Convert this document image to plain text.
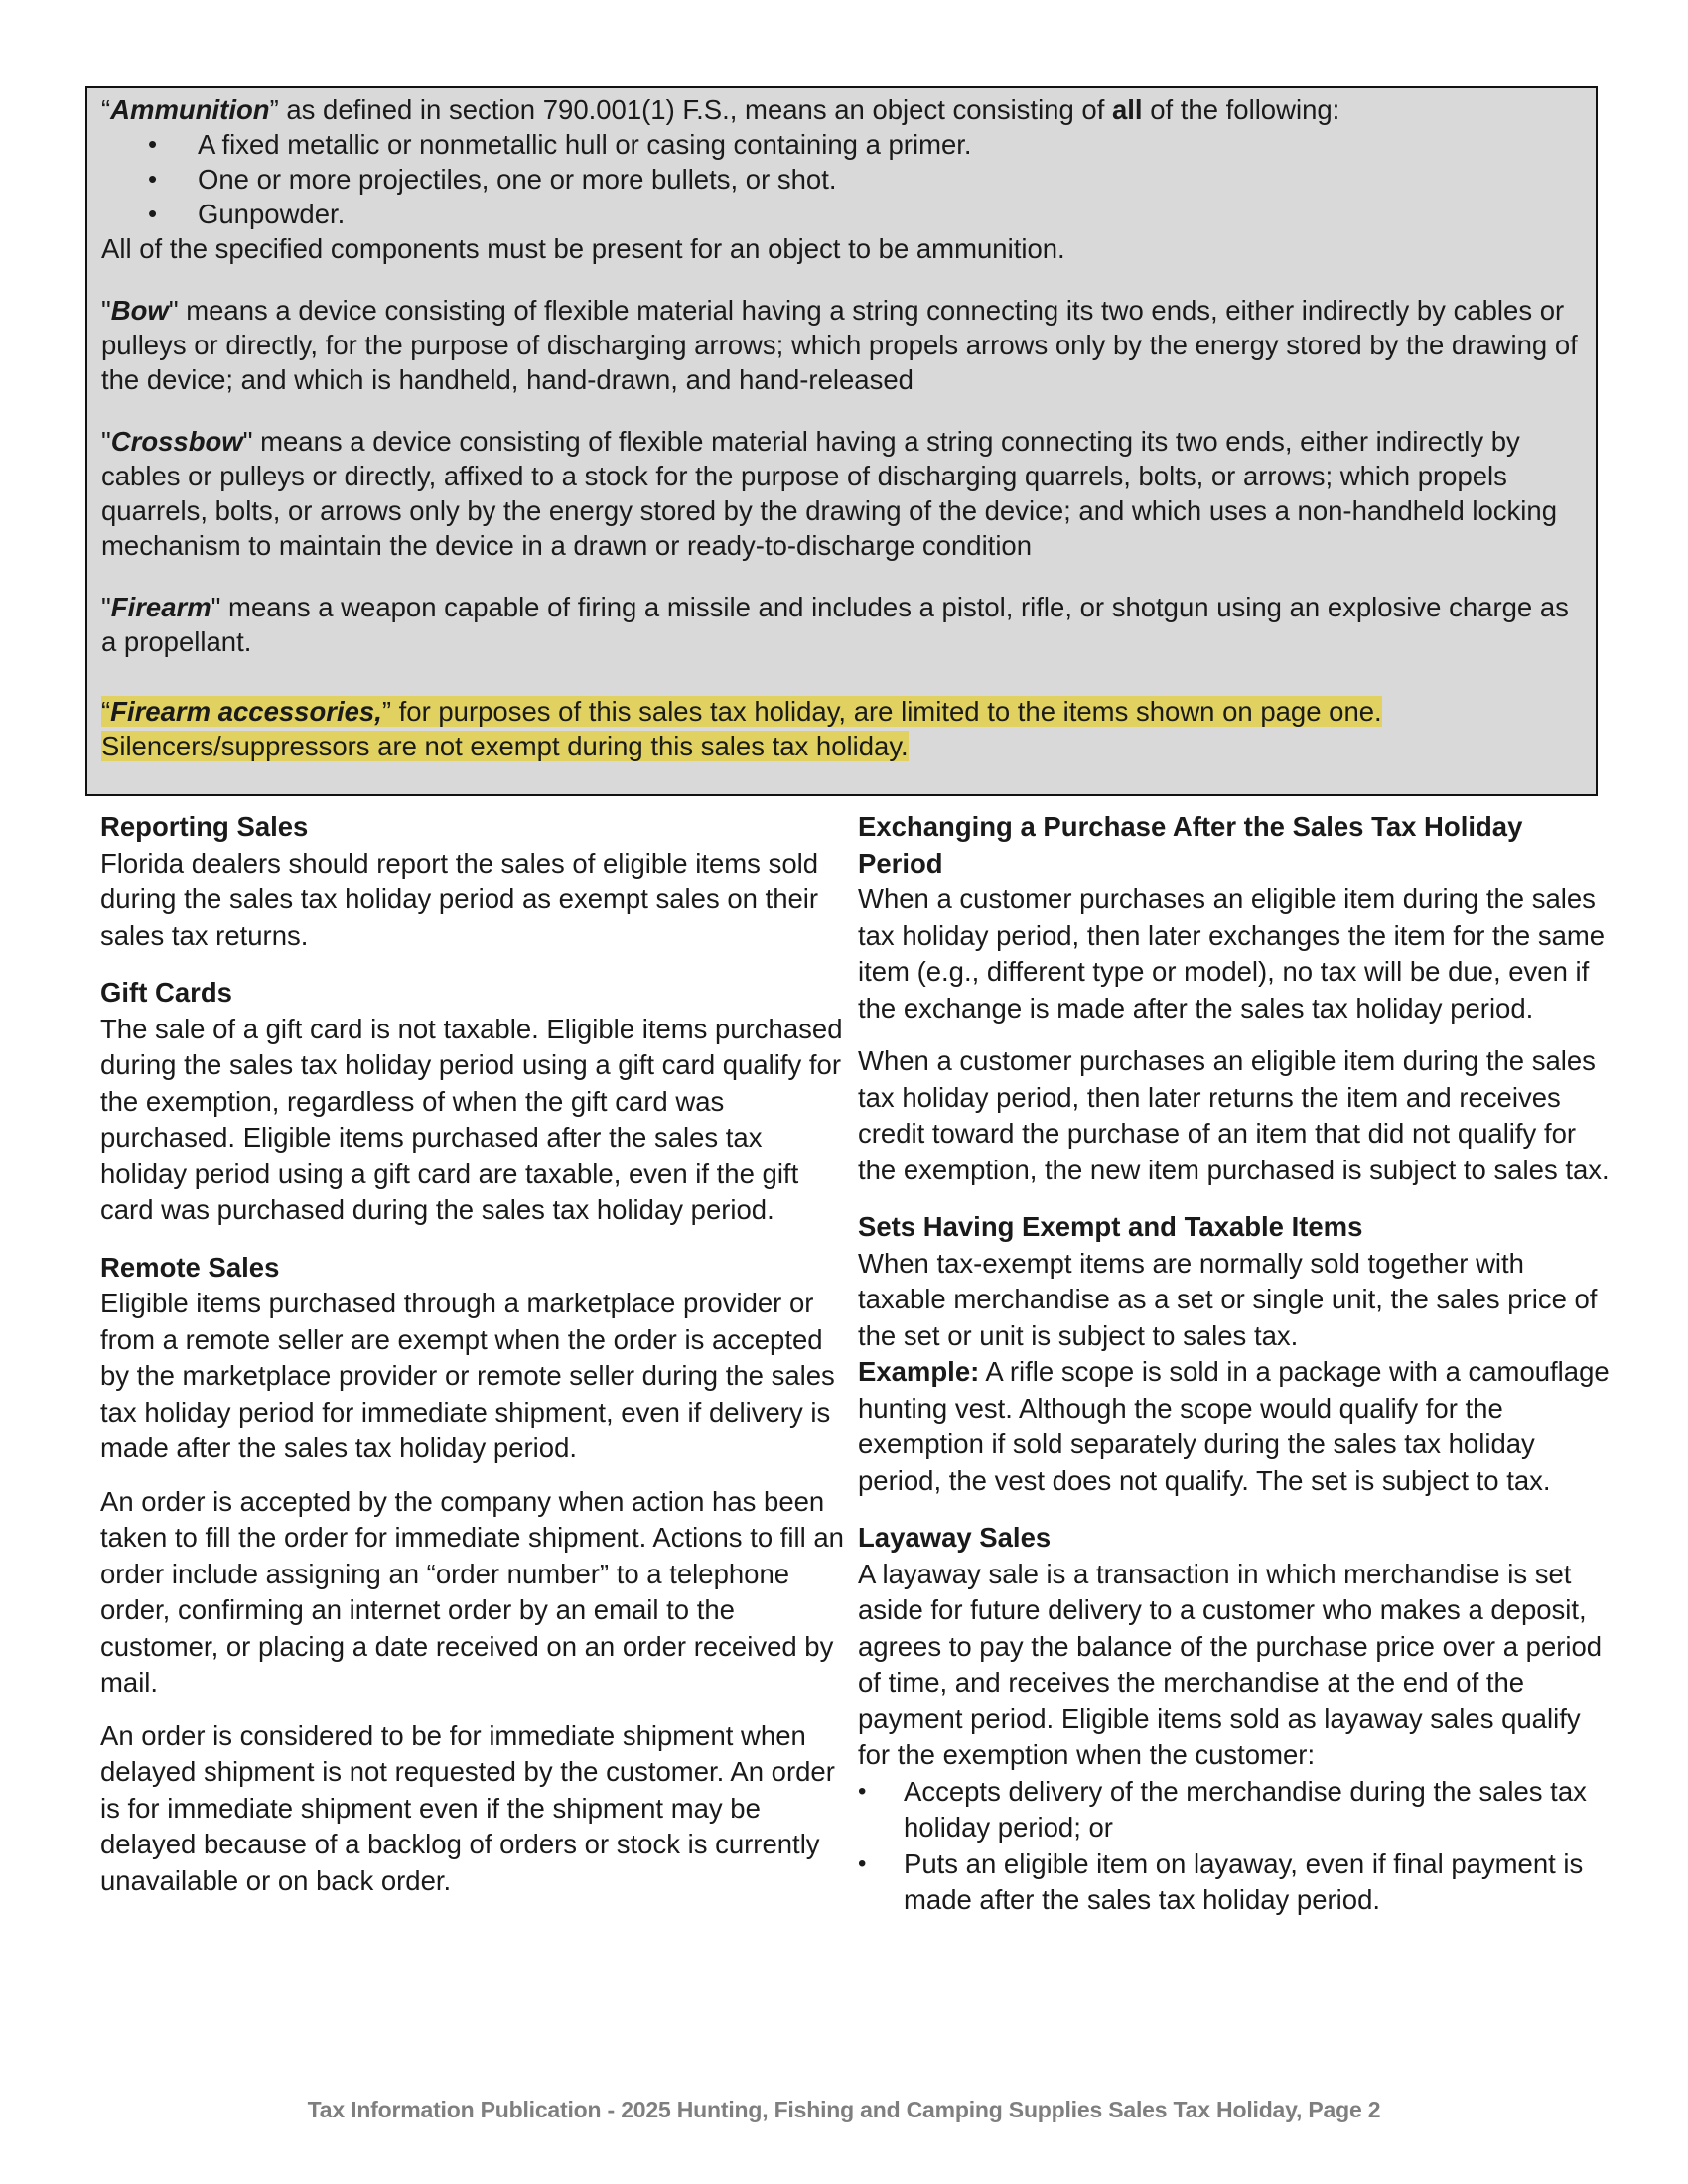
“Ammunition” as defined in section 790.001(1) F.S., means an object consisting of all of the following:

• A fixed metallic or nonmetallic hull or casing containing a primer.
• One or more projectiles, one or more bullets, or shot.
• Gunpowder.

All of the specified components must be present for an object to be ammunition.

"Bow" means a device consisting of flexible material having a string connecting its two ends, either indirectly by cables or pulleys or directly, for the purpose of discharging arrows; which propels arrows only by the energy stored by the drawing of the device; and which is handheld, hand-drawn, and hand-released

"Crossbow" means a device consisting of flexible material having a string connecting its two ends, either indirectly by cables or pulleys or directly, affixed to a stock for the purpose of discharging quarrels, bolts, or arrows; which propels quarrels, bolts, or arrows only by the energy stored by the drawing of the device; and which uses a non-handheld locking mechanism to maintain the device in a drawn or ready-to-discharge condition

"Firearm" means a weapon capable of firing a missile and includes a pistol, rifle, or shotgun using an explosive charge as a propellant.

“Firearm accessories,” for purposes of this sales tax holiday, are limited to the items shown on page one.
Silencers/suppressors are not exempt during this sales tax holiday.

Reporting Sales

Florida dealers should report the sales of eligible items sold during the sales tax holiday period as exempt sales on their sales tax returns.

Gift Cards

The sale of a gift card is not taxable. Eligible items purchased during the sales tax holiday period using a gift card qualify for the exemption, regardless of when the gift card was purchased. Eligible items purchased after the sales tax holiday period using a gift card are taxable, even if the gift card was purchased during the sales tax holiday period.

Remote Sales

Eligible items purchased through a marketplace provider or from a remote seller are exempt when the order is accepted by the marketplace provider or remote seller during the sales tax holiday period for immediate shipment, even if delivery is made after the sales tax holiday period.

An order is accepted by the company when action has been taken to fill the order for immediate shipment. Actions to fill an order include assigning an “order number” to a telephone order, confirming an internet order by an email to the customer, or placing a date received on an order received by mail.

An order is considered to be for immediate shipment when delayed shipment is not requested by the customer. An order is for immediate shipment even if the shipment may be delayed because of a backlog of orders or stock is currently unavailable or on back order.

Exchanging a Purchase After the Sales Tax Holiday Period

When a customer purchases an eligible item during the sales tax holiday period, then later exchanges the item for the same item (e.g., different type or model), no tax will be due, even if the exchange is made after the sales tax holiday period.

When a customer purchases an eligible item during the sales tax holiday period, then later returns the item and receives credit toward the purchase of an item that did not qualify for the exemption, the new item purchased is subject to sales tax.

Sets Having Exempt and Taxable Items

When tax-exempt items are normally sold together with taxable merchandise as a set or single unit, the sales price of the set or unit is subject to sales tax.

Example: A rifle scope is sold in a package with a camouflage hunting vest. Although the scope would qualify for the exemption if sold separately during the sales tax holiday period, the vest does not qualify. The set is subject to tax.

Layaway Sales

A layaway sale is a transaction in which merchandise is set aside for future delivery to a customer who makes a deposit, agrees to pay the balance of the purchase price over a period of time, and receives the merchandise at the end of the payment period. Eligible items sold as layaway sales qualify for the exemption when the customer:

• Accepts delivery of the merchandise during the sales tax holiday period; or
• Puts an eligible item on layaway, even if final payment is made after the sales tax holiday period.
Tax Information Publication - 2025 Hunting, Fishing and Camping Supplies Sales Tax Holiday, Page 2
